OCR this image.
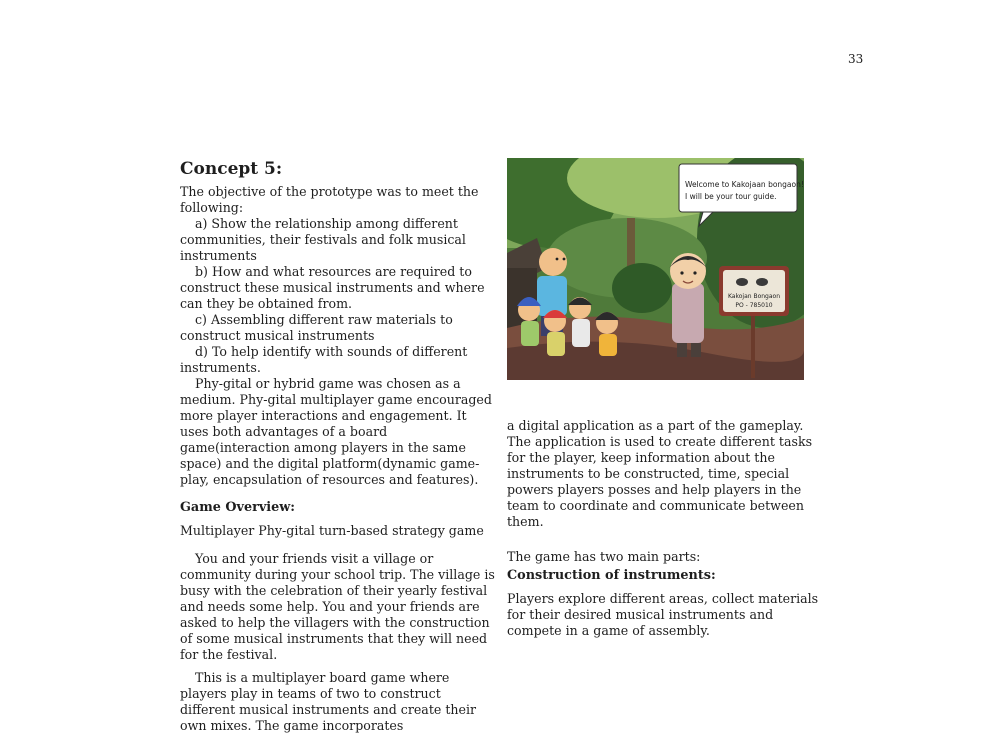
33
Concept 5:

The objective of the prototype was to meet the following:

a) Show the relationship among different communities, their festivals and folk musical instruments

b) How and what resources are required to construct these musical instruments and where can they be obtained from.

c) Assembling different raw materials to construct musical instruments

d) To help identify with sounds of different instruments.

Phy-gital or hybrid game was chosen as a medium. Phy-gital multiplayer game encouraged more player interactions and engagement. It uses both advantages of a board game(interaction among players in the same space) and the digital platform(dynamic game-play, encapsulation of resources and features).

Game Overview:

Multiplayer Phy-gital turn-based strategy game

You and your friends visit a village or community during your school trip. The village is busy with the celebration of their yearly festival and needs some help. You and your friends are asked to help the villagers with the construction of some musical instruments that they will need for the festival.

This is a multiplayer board game where players play in teams of two to construct different musical instruments and create their own mixes. The game incorporates

Welcome to Kakojaan bongaon!
I will be your tour guide.
Kakojan Bongaon
PO - 785010

a digital application as a part of the gameplay. The application is used to create different tasks for the player, keep information about the instruments to be constructed, time, special powers players posses and help players in the team to coordinate and communicate between them.

The game has two main parts:

Construction of instruments:

Players explore different areas, collect materials for their desired musical instruments and compete in a game of assembly.
